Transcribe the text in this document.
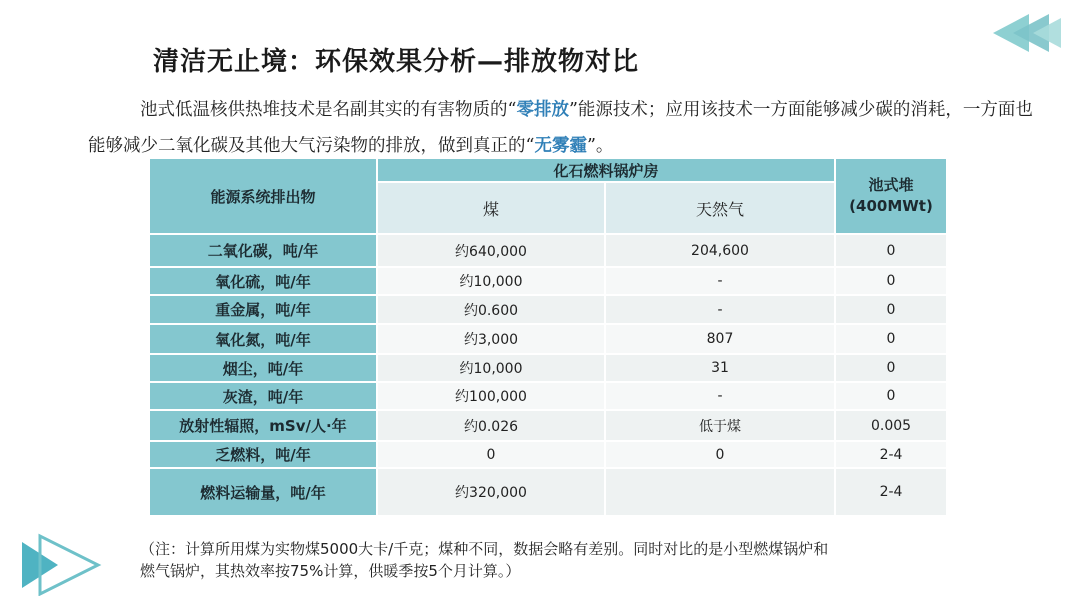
清洁无止境：环保效果分析—排放物对比
池式低温核供热堆技术是名副其实的有害物质的“零排放”能源技术；应用该技术一方面能够减少碳的消耗，一方面也能够减少二氧化碳及其他大气污染物的排放，做到真正的“无雾霾”。
能源系统排出物	化石燃料锅炉房		池式堆
(400MWt)
	煤	天然气	
二氧化碳，吨/年	约640,000	204,600	0
氧化硫，吨/年	约10,000	-	0
重金属，吨/年	约0.600	-	0
氧化氮，吨/年	约3,000	807	0
烟尘，吨/年	约10,000	31	0
灰渣，吨/年	约100,000	-	0
放射性辐照，mSv/人·年	约0.026	低于煤	0.005
乏燃料，吨/年	0	0	2-4
燃料运输量，吨/年	约320,000		2-4
（注：计算所用煤为实物煤5000大卡/千克；煤种不同，数据会略有差别。同时对比的是小型燃煤锅炉和
燃气锅炉，其热效率按75%计算，供暖季按5个月计算。）
